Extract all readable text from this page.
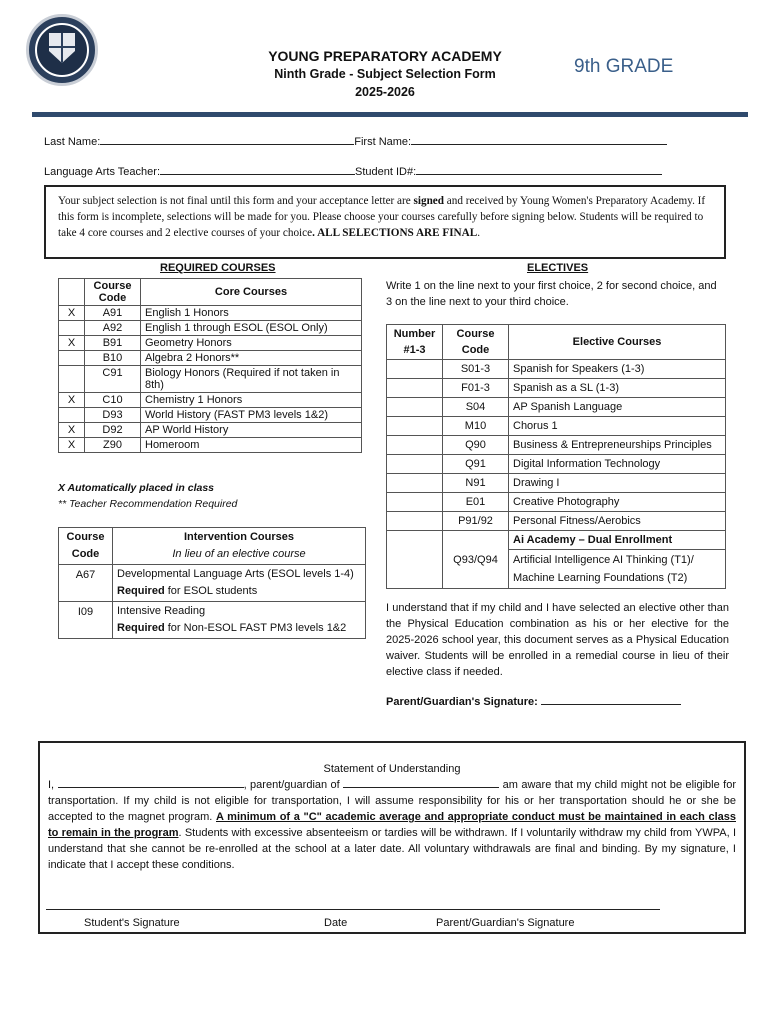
YOUNG PREPARATORY ACADEMY
Ninth Grade - Subject Selection Form
2025-2026
9th GRADE
Last Name:	First Name:
Language Arts Teacher:	Student ID#:
Your subject selection is not final until this form and your acceptance letter are signed and received by Young Women's Preparatory Academy. If this form is incomplete, selections will be made for you. Please choose your courses carefully before signing below. Students will be required to take 4 core courses and 2 elective courses of your choice. ALL SELECTIONS ARE FINAL.
REQUIRED COURSES
	Course Code	Core Courses
X	A91	English 1 Honors
	A92	English 1 through ESOL (ESOL Only)
X	B91	Geometry Honors
	B10	Algebra 2 Honors**
	C91	Biology Honors (Required if not taken in 8th)
X	C10	Chemistry 1 Honors
	D93	World History (FAST PM3 levels 1&2)
X	D92	AP World History
X	Z90	Homeroom
X Automatically placed in class
** Teacher Recommendation Required
Course Code	Intervention Courses
In lieu of an elective course

A67	Developmental Language Arts (ESOL levels 1-4)
Required for ESOL students

I09	Intensive Reading
Required for Non-ESOL FAST PM3 levels 1&2
ELECTIVES
Write 1 on the line next to your first choice, 2 for second choice, and 3 on the line next to your third choice.
Number #1-3	Course Code	Elective Courses
	S01-3	Spanish for Speakers (1-3)
	F01-3	Spanish as a SL (1-3)
	S04	AP Spanish Language
	M10	Chorus 1
	Q90	Business & Entrepreneurships Principles
	Q91	Digital Information Technology
	N91	Drawing I
	E01	Creative Photography
	P91/92	Personal Fitness/Aerobics
	Q93/Q94	Ai Academy – Dual Enrollment
		Artificial Intelligence AI Thinking (T1)/ Machine Learning Foundations (T2)
I understand that if my child and I have selected an elective other than the Physical Education combination as his or her elective for the 2025-2026 school year, this document serves as a Physical Education waiver. Students will be enrolled in a remedial course in lieu of their elective class if needed.
Parent/Guardian's Signature:
Statement of Understanding
I,	, parent/guardian of	am aware that my child might not be eligible for transportation. If my child is not eligible for transportation, I will assume responsibility for his or her transportation should he or she be accepted to the magnet program. A minimum of a "C" academic average and appropriate conduct must be maintained in each class to remain in the program. Students with excessive absenteeism or tardies will be withdrawn. If I voluntarily withdraw my child from YWPA, I understand that she cannot be re-enrolled at the school at a later date. All voluntary withdrawals are final and binding. By my signature, I indicate that I accept these conditions.
Student's Signature	Date	Parent/Guardian's Signature
